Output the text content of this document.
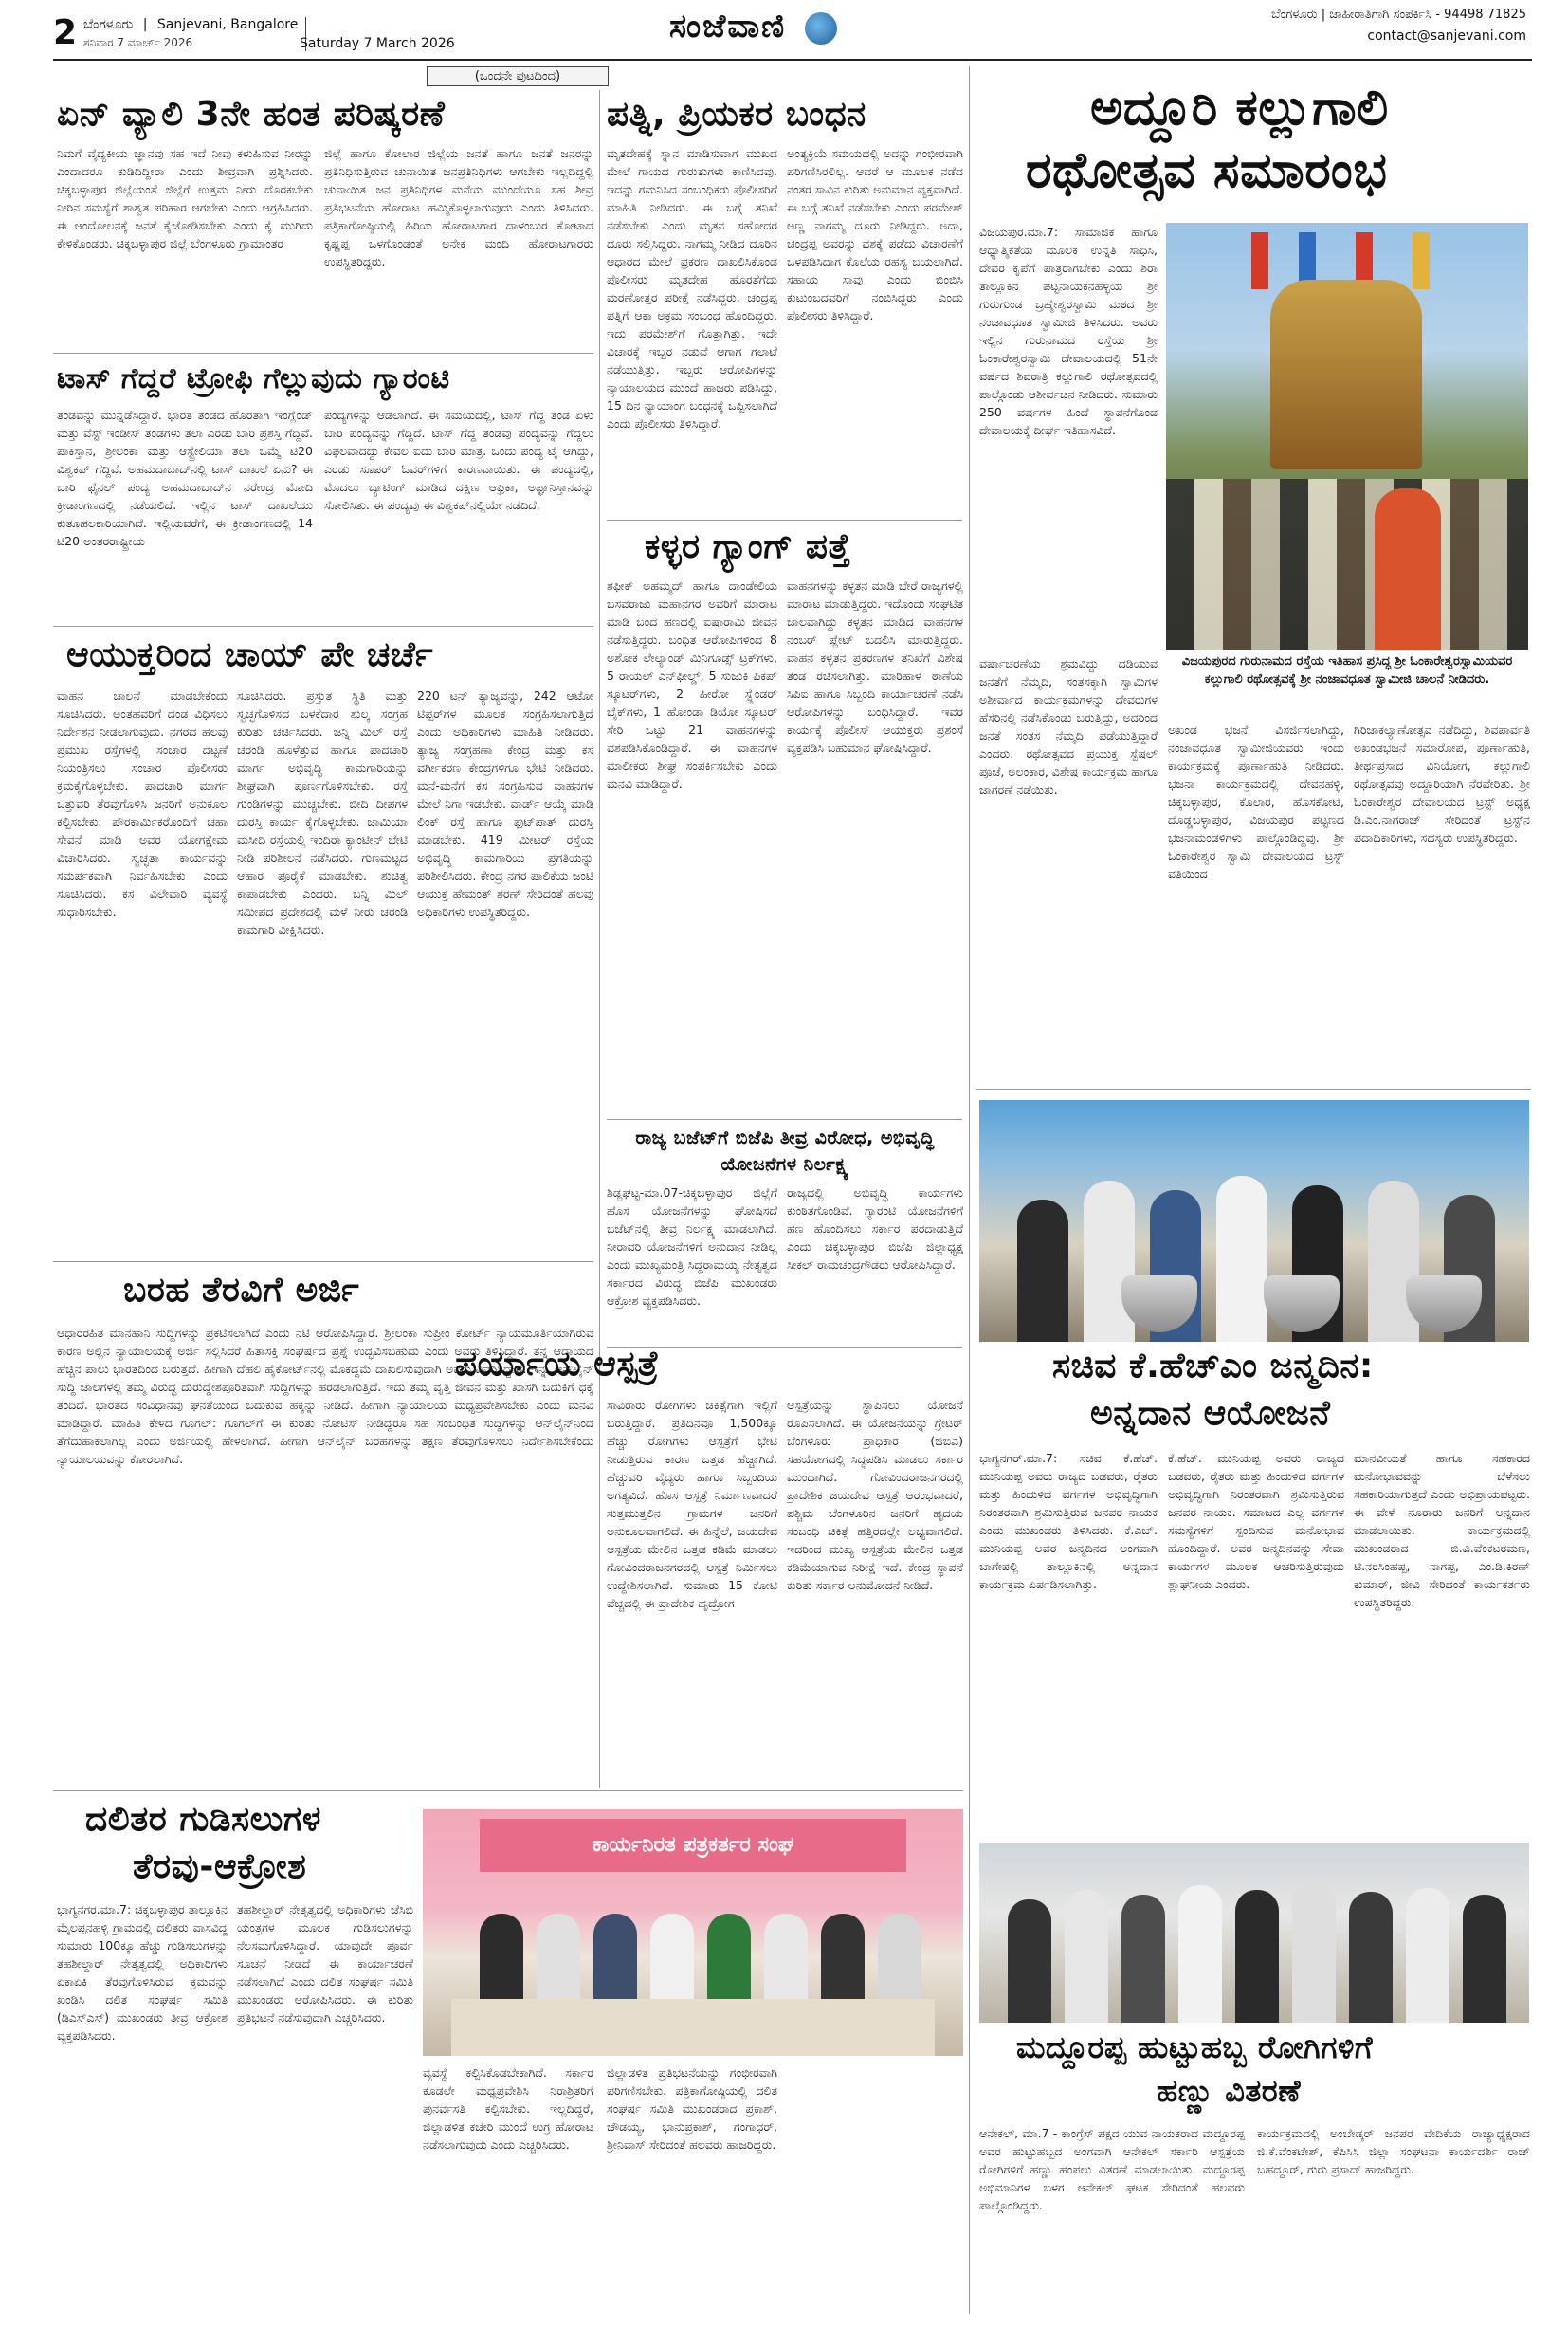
2 ಬೆಂಗಳೂರು | Sanjevani, Bangalore
ಶನಿವಾರ 7 ಮಾರ್ಚ್ 2026	Saturday 7 March 2026	ಸಂಜೆವಾಣಿ	ಬೆಂಗಳೂರು | ಜಾಹೀರಾತಿಗಾಗಿ ಸಂಪರ್ಕಿಸಿ - 94498 71825
contact@sanjevani.com
(ಒಂದನೇ ಪುಟದಿಂದ)
ಏನ್ ವ್ಯಾಲಿ 3ನೇ ಹಂತ ಪರಿಷ್ಕರಣೆ
ನಿಮಗೆ ವೈದ್ಯಕೀಯ ಜ್ಞಾನವು ಸಹ ಇದೆ ನೀವು ಕಳುಹಿಸುವ ನೀರನ್ನು ಎಂದಾದರೂ ಕುಡಿದಿದ್ದೀರಾ ಎಂದು ಶೀವ್ರವಾಗಿ ಪ್ರಶ್ನಿಸಿದರು. ಚಿಕ್ಕಬಳ್ಳಾಪುರ ಜಿಲ್ಲೆಯಂತೆ ಜಿಲ್ಲೆಗೆ ಉತ್ತಮ ನೀರು ದೊರಕಬೇಕು ನೀರಿನ ಸಮಸ್ಯೆಗೆ ಶಾಶ್ವತ ಪರಿಹಾರ ಆಗಬೇಕು ಎಂದು ಆಗ್ರಹಿಸಿದರು. ಈ ಆಂದೋಲನಕ್ಕೆ ಜನತೆ ಕೈಜೋಡಿಸಬೇಕು ಎಂದು ಕೈ ಮುಗಿದು ಕೇಳಿಕೊಂಡರು. ಚಿಕ್ಕಬಳ್ಳಾಪುರ ಜಿಲ್ಲೆ ಬೆಂಗಳೂರು ಗ್ರಾಮಾಂತರ
ಜಿಲ್ಲೆ ಹಾಗೂ ಕೋಲಾರ ಜಿಲ್ಲೆಯ ಜನತೆ ಹಾಗೂ ಜನತೆ ಜನರನ್ನು ಪ್ರತಿನಿಧಿಸುತ್ತಿರುವ ಚುನಾಯಿತ ಜನಪ್ರತಿನಿಧಿಗಳು ಆಗಬೇಕು ಇಲ್ಲದಿದ್ದಲ್ಲಿ ಚುನಾಯಿತ ಜನ ಪ್ರತಿನಿಧಿಗಳ ಮನೆಯ ಮುಂದೆಯೂ ಸಹ ಶೀವ್ರ ಪ್ರತಿಭಟನೆಯ ಹೋರಾಟ ಹಮ್ಮಿಕೊಳ್ಳಲಾಗುವುದು ಎಂದು ತಿಳಿಸಿದರು. ಪತ್ರಿಕಾಗೋಷ್ಠಿಯಲ್ಲಿ ಹಿರಿಯ ಹೋರಾಟಗಾರ ದಾಳಂಬುರ ಕೋಟಾದ ಕೃಷ್ಣಪ್ಪ ಒಳಗೊಂಡಂತೆ ಅನೇಕ ಮಂದಿ ಹೋರಾಟಗಾರರು ಉಪಸ್ಥಿತರಿದ್ದರು.
ಟಾಸ್ ಗೆದ್ದರೆ ಟ್ರೋಫಿ ಗೆಲ್ಲುವುದು ಗ್ಯಾರಂಟಿ
ತಂಡವನ್ನು ಮುನ್ನಡೆಸಿದ್ದಾರೆ. ಭಾರತ ತಂಡದ ಹೊರತಾಗಿ ಇಂಗ್ಲೆಂಡ್ ಮತ್ತು ವೆಸ್ಟ್ ಇಂಡೀಸ್ ತಂಡಗಳು ತಲಾ ಎರಡು ಬಾರಿ ಪ್ರಶಸ್ತಿ ಗೆದ್ದಿವೆ. ಪಾಕಿಸ್ತಾನ, ಶ್ರೀಲಂಕಾ ಮತ್ತು ಆಸ್ಟ್ರೇಲಿಯಾ ತಲಾ ಒಮ್ಮೆ ಟಿ20 ವಿಶ್ವಕಪ್ ಗೆದ್ದಿವೆ. ಅಹಮದಾಬಾದ್‌ನಲ್ಲಿ ಟಾಸ್ ದಾಖಲೆ ಏನು? ಈ ಬಾರಿ ಫೈನಲ್ ಪಂದ್ಯ ಅಹಮದಾಬಾದ್‌ನ ನರೇಂದ್ರ ಮೋದಿ ಕ್ರೀಡಾಂಗಣದಲ್ಲಿ ನಡೆಯಲಿದೆ. ಇಲ್ಲಿನ ಟಾಸ್ ದಾಖಲೆಯು ಕುತೂಹಲಕಾರಿಯಾಗಿದೆ. ಇಲ್ಲಿಯವರೆಗೆ, ಈ ಕ್ರೀಡಾಂಗಣದಲ್ಲಿ 14 ಟಿ20 ಅಂತರರಾಷ್ಟ್ರೀಯ
ಪಂದ್ಯಗಳನ್ನು ಆಡಲಾಗಿದೆ. ಈ ಸಮಯದಲ್ಲಿ, ಟಾಸ್ ಗೆದ್ದ ತಂಡ ಏಳು ಬಾರಿ ಪಂದ್ಯವನ್ನು ಗೆದ್ದಿದೆ. ಟಾಸ್ ಗೆದ್ದ ತಂಡವು ಪಂದ್ಯವನ್ನು ಗೆದ್ದಲು ವಿಫಲವಾದದ್ದು ಕೇವಲ ಐದು ಬಾರಿ ಮಾತ್ರ. ಒಂದು ಪಂದ್ಯ ಟೈ ಆಗಿದ್ದು, ಎರಡು ಸೂಪರ್ ಓವರ್‌ಗಳಿಗೆ ಕಾರಣವಾಯಿತು. ಈ ಪಂದ್ಯದಲ್ಲಿ, ಮೊದಲು ಬ್ಯಾಟಿಂಗ್ ಮಾಡಿದ ದಕ್ಷಿಣ ಆಫ್ರಿಕಾ, ಅಫ್ಘಾನಿಸ್ತಾನವನ್ನು ಸೋಲಿಸಿತು. ಈ ಪಂದ್ಯವು ಈ ವಿಶ್ವಕಪ್‌ನಲ್ಲಿಯೇ ನಡೆದಿದೆ.
ಆಯುಕ್ತರಿಂದ ಚಾಯ್ ಪೇ ಚರ್ಚೆ
ವಾಹನ ಚಾಲನೆ ಮಾಡಬೇಕೆಂದು ಸೂಚಿಸಿದರು. ಅಂತಹವರಿಗೆ ದಂಡ ವಿಧಿಸಲು ನಿರ್ದೇಶನ ನೀಡಲಾಗುವುದು. ನಗರದ ಹಲವು ಪ್ರಮುಖ ರಸ್ತೆಗಳಲ್ಲಿ ಸಂಚಾರ ದಟ್ಟಣೆ ನಿಯಂತ್ರಿಸಲು ಸಂಚಾರ ಪೊಲೀಸರು ಕ್ರಮಕೈಗೊಳ್ಳಬೇಕು. ಪಾದಚಾರಿ ಮಾರ್ಗ ಒತ್ತುವರಿ ತೆರವುಗೊಳಿಸಿ ಜನರಿಗೆ ಅನುಕೂಲ ಕಲ್ಪಿಸಬೇಕು. ಪೌರಕಾರ್ಮಿಕರೊಂದಿಗೆ ಚಹಾ ಸೇವನೆ ಮಾಡಿ ಅವರ ಯೋಗಕ್ಷೇಮ ವಿಚಾರಿಸಿದರು. ಸ್ವಚ್ಛತಾ ಕಾರ್ಯವನ್ನು ಸಮರ್ಪಕವಾಗಿ ನಿರ್ವಹಿಸಬೇಕು ಎಂದು ಸೂಚಿಸಿದರು. ಕಸ ವಿಲೇವಾರಿ ವ್ಯವಸ್ಥೆ ಸುಧಾರಿಸಬೇಕು.
ಸೂಚಿಸಿದರು. ಪ್ರಸ್ತುತ ಸ್ಥಿತಿ ಮತ್ತು ಸ್ವಚ್ಛಗೊಳಿಸದ ಬಳಕೆದಾರ ಶುಲ್ಕ ಸಂಗ್ರಹ ಕುರಿತು ಚರ್ಚಿಸಿದರು. ಜನ್ನಿ ಮಿಲ್ ರಸ್ತೆ ಚರಂಡಿ ಹೂಳೆತ್ತುವ ಹಾಗೂ ಪಾದಚಾರಿ ಮಾರ್ಗ ಅಭಿವೃದ್ಧಿ ಕಾಮಗಾರಿಯನ್ನು ಶೀಘ್ರವಾಗಿ ಪೂರ್ಣಗೊಳಿಸಬೇಕು. ರಸ್ತೆ ಗುಂಡಿಗಳನ್ನು ಮುಚ್ಚಬೇಕು. ಬೀದಿ ದೀಪಗಳ ದುರಸ್ತಿ ಕಾರ್ಯ ಕೈಗೊಳ್ಳಬೇಕು. ಜಾಮಿಯಾ ಮಸೀದಿ ರಸ್ತೆಯಲ್ಲಿ ಇಂದಿರಾ ಕ್ಯಾಂಟೀನ್ ಭೇಟಿ ನೀಡಿ ಪರಿಶೀಲನೆ ನಡೆಸಿದರು. ಗುಣಮಟ್ಟದ ಆಹಾರ ಪೂರೈಕೆ ಮಾಡಬೇಕು. ಶುಚಿತ್ವ ಕಾಪಾಡಬೇಕು ಎಂದರು. ಬನ್ನಿ ಮಿಲ್ ಸಮೀಪದ ಪ್ರದೇಶದಲ್ಲಿ ಮಳೆ ನೀರು ಚರಂಡಿ ಕಾಮಗಾರಿ ವೀಕ್ಷಿಸಿದರು.
220 ಟನ್ ತ್ಯಾಜ್ಯವನ್ನು, 242 ಆಟೋ ಟಿಪ್ಪರ್‌ಗಳ ಮೂಲಕ ಸಂಗ್ರಹಿಸಲಾಗುತ್ತಿದೆ ಎಂದು ಅಧಿಕಾರಿಗಳು ಮಾಹಿತಿ ನೀಡಿದರು. ತ್ಯಾಜ್ಯ ಸಂಗ್ರಹಣಾ ಕೇಂದ್ರ ಮತ್ತು ಕಸ ವರ್ಗೀಕರಣ ಕೇಂದ್ರಗಳಿಗೂ ಭೇಟಿ ನೀಡಿದರು. ಮನೆ-ಮನೆಗೆ ಕಸ ಸಂಗ್ರಹಿಸುವ ವಾಹನಗಳ ಮೇಲೆ ನಿಗಾ ಇಡಬೇಕು. ವಾರ್ಡ್ ಆಯ್ಕೆ ಮಾಡಿ ಲಿಂಕ್ ರಸ್ತೆ ಹಾಗೂ ಫುಟ್‌ಪಾತ್ ದುರಸ್ತಿ ಮಾಡಬೇಕು. 419 ಮೀಟರ್ ರಸ್ತೆಯ ಅಭಿವೃದ್ಧಿ ಕಾಮಗಾರಿಯ ಪ್ರಗತಿಯನ್ನು ಪರಿಶೀಲಿಸಿದರು. ಕೇಂದ್ರ ನಗರ ಪಾಲಿಕೆಯ ಜಂಟಿ ಆಯುಕ್ತ ಹೇಮಂತ್ ಶರಣ್ ಸೇರಿದಂತೆ ಹಲವು ಅಧಿಕಾರಿಗಳು ಉಪಸ್ಥಿತರಿದ್ದರು.
ಬರಹ ತೆರವಿಗೆ ಅರ್ಜಿ
ಆಧಾರರಹಿತ ಮಾನಹಾನಿ ಸುದ್ದಿಗಳನ್ನು ಪ್ರಕಟಿಸಲಾಗಿದೆ ಎಂದು ನಟಿ ಆರೋಪಿಸಿದ್ದಾರೆ. ಶ್ರೀಲಂಕಾ ಸುಪ್ರೀಂ ಕೋರ್ಟ್ ನ್ಯಾಯಮೂರ್ತಿಯಾಗಿರುವ ಕಾರಣ ಅಲ್ಲಿನ ನ್ಯಾಯಾಲಯಕ್ಕೆ ಅರ್ಜಿ ಸಲ್ಲಿಸಿದರೆ ಹಿತಾಸಕ್ತಿ ಸಂಘರ್ಷದ ಪ್ರಶ್ನೆ ಉದ್ಭವಿಸಬಹುದು ಎಂದು ಅವರು ತಿಳಿಸಿದ್ದಾರೆ. ತನ್ನ ಆದಾಯದ ಹೆಚ್ಚಿನ ಪಾಲು ಭಾರತದಿಂದ ಬರುತ್ತದೆ. ಹೀಗಾಗಿ ದೆಹಲಿ ಹೈಕೋರ್ಟ್‌ನಲ್ಲಿ ಮೊಕದ್ದಮೆ ದಾಖಲಿಸುವುದಾಗಿ ಅವರು ವಿವರಿಸಿದ್ದಾರೆ. ಇನ್ನು ಆನ್‌ಲೈನ್ ಸುದ್ದಿ ಜಾಲಗಳಲ್ಲಿ ತಮ್ಮ ವಿರುದ್ಧ ದುರುದ್ದೇಶಪೂರಿತವಾಗಿ ಸುದ್ದಿಗಳನ್ನು ಹರಡಲಾಗುತ್ತಿದೆ. ಇದು ತಮ್ಮ ವೃತ್ತಿ ಜೀವನ ಮತ್ತು ಖಾಸಗಿ ಬದುಕಿಗೆ ಧಕ್ಕೆ ತಂದಿದೆ. ಭಾರತದ ಸಂವಿಧಾನವು ಘನತೆಯಿಂದ ಬದುಕುವ ಹಕ್ಕನ್ನು ನೀಡಿದೆ. ಹೀಗಾಗಿ ನ್ಯಾಯಾಲಯ ಮಧ್ಯಪ್ರವೇಶಿಸಬೇಕು ಎಂದು ಮನವಿ ಮಾಡಿದ್ದಾರೆ. ಮಾಹಿತಿ ಕೇಳಿದ ಗೂಗಲ್: ಗೂಗಲ್‌ಗೆ ಈ ಕುರಿತು ನೋಟಿಸ್ ನೀಡಿದ್ದರೂ ಸಹ ಸಂಬಂಧಿತ ಸುದ್ದಿಗಳನ್ನು ಆನ್‌ಲೈನ್‌ನಿಂದ ತೆಗೆದುಹಾಕಲಾಗಿಲ್ಲ ಎಂದು ಅರ್ಜಿಯಲ್ಲಿ ಹೇಳಲಾಗಿದೆ. ಹೀಗಾಗಿ ಆನ್‌ಲೈನ್ ಬರಹಗಳನ್ನು ತಕ್ಷಣ ತೆರವುಗೊಳಿಸಲು ನಿರ್ದೇಶಿಸಬೇಕೆಂದು ನ್ಯಾಯಾಲಯವನ್ನು ಕೋರಲಾಗಿದೆ.
ಪತ್ನಿ, ಪ್ರಿಯಕರ ಬಂಧನ
ಮೃತದೇಹಕ್ಕೆ ಸ್ನಾನ ಮಾಡಿಸುವಾಗ ಮುಖದ ಮೇಲೆ ಗಾಯದ ಗುರುತುಗಳು ಕಾಣಿಸಿದವು. ಇದನ್ನು ಗಮನಿಸಿದ ಸಂಬಂಧಿಕರು ಪೊಲೀಸರಿಗೆ ಮಾಹಿತಿ ನೀಡಿದರು. ಈ ಬಗ್ಗೆ ತನಿಖೆ ನಡೆಸಬೇಕು ಎಂದು ಮೃತನ ಸಹೋದರ ದೂರು ಸಲ್ಲಿಸಿದ್ದರು. ನಾಗಮ್ಮ ನೀಡಿದ ದೂರಿನ ಆಧಾರದ ಮೇಲೆ ಪ್ರಕರಣ ದಾಖಲಿಸಿಕೊಂಡ ಪೊಲೀಸರು ಮೃತದೇಹ ಹೊರತೆಗೆದು ಮರಣೋತ್ತರ ಪರೀಕ್ಷೆ ನಡೆಸಿದ್ದರು. ಚಂದ್ರಪ್ಪ ಪತ್ನಿಗೆ ಆಕಾ ಅಕ್ರಮ ಸಂಬಂಧ ಹೊಂದಿದ್ದರು. ಇದು ಪರಮೇಶ್‌ಗೆ ಗೊತ್ತಾಗಿತ್ತು. ಇದೇ ವಿಚಾರಕ್ಕೆ ಇಬ್ಬರ ನಡುವೆ ಆಗಾಗ ಗಲಾಟೆ ನಡೆಯುತ್ತಿತ್ತು. ಇಬ್ಬರು ಆರೋಪಿಗಳನ್ನು ನ್ಯಾಯಾಲಯದ ಮುಂದೆ ಹಾಜರು ಪಡಿಸಿದ್ದು, 15 ದಿನ ನ್ಯಾಯಾಂಗ ಬಂಧನಕ್ಕೆ ಒಪ್ಪಿಸಲಾಗಿದೆ ಎಂದು ಪೊಲೀಸರು ತಿಳಿಸಿದ್ದಾರೆ.
ಅಂತ್ಯಕ್ರಿಯೆ ಸಮಯದಲ್ಲಿ ಅದನ್ನು ಗಂಭೀರವಾಗಿ ಪರಿಗಣಿಸಿರಲಿಲ್ಲ. ಆದರೆ ಆ ಮೂಲಕ ನಡೆದ ನಂತರ ಸಾವಿನ ಕುರಿತು ಅನುಮಾನ ವ್ಯಕ್ತವಾಗಿದೆ. ಈ ಬಗ್ಗೆ ತನಿಖೆ ನಡೆಸಬೇಕು ಎಂದು ಪರಮೇಶ್ ಅಣ್ಣ ನಾಗಮ್ಮ ದೂರು ನೀಡಿದ್ದರು. ಅದಾ, ಚಂದ್ರಪ್ಪ ಅವರನ್ನು ವಶಕ್ಕೆ ಪಡೆದು ವಿಚಾರಣೆಗೆ ಒಳಪಡಿಸಿದಾಗ ಕೊಲೆಯ ರಹಸ್ಯ ಬಯಲಾಗಿದೆ. ಸಹಾಯ ಸಾವು ಎಂದು ಬಿಂಬಿಸಿ ಕುಟುಂಬದವರಿಗೆ ನಂಬಿಸಿದ್ದರು ಎಂದು ಪೊಲೀಸರು ತಿಳಿಸಿದ್ದಾರೆ.
ಕಳ್ಳರ ಗ್ಯಾಂಗ್ ಪತ್ತೆ
ಶಫೀಕ್ ಅಹಮ್ಮದ್ ಹಾಗೂ ದಾಂಡೇಲಿಯ ಬಸವರಾಜು ಮಹಾನಗರ ಅವರಿಗೆ ಮಾರಾಟ ಮಾಡಿ ಬಂದ ಹಣದಲ್ಲಿ ಐಷಾರಾಮಿ ಜೀವನ ನಡೆಸುತ್ತಿದ್ದರು. ಬಂಧಿತ ಆರೋಪಿಗಳಿಂದ 8 ಅಶೋಕ ಲೇಲ್ಯಾಂಡ್ ಮಿನಿಗೂಡ್ಸ್ ಟ್ರಕ್‌ಗಳು, 5 ರಾಯಲ್ ಎನ್‌ಫೀಲ್ಡ್, 5 ಸುಜುಕಿ ಪಿಕಪ್ ಸ್ಕೂಟರ್‌ಗಳು, 2 ಹೀರೋ ಸ್ಪ್ಲೆಂಡರ್ ಬೈಕ್‌ಗಳು, 1 ಹೋಂಡಾ ಡಿಯೋ ಸ್ಕೂಟರ್ ಸೇರಿ ಒಟ್ಟು 21 ವಾಹನಗಳನ್ನು ವಶಪಡಿಸಿಕೊಂಡಿದ್ದಾರೆ. ಈ ವಾಹನಗಳ ಮಾಲೀಕರು ಶೀಘ್ರ ಸಂಪರ್ಕಿಸಬೇಕು ಎಂದು ಮನವಿ ಮಾಡಿದ್ದಾರೆ.
ವಾಹನಗಳನ್ನು ಕಳ್ಳತನ ಮಾಡಿ ಬೇರೆ ರಾಜ್ಯಗಳಲ್ಲಿ ಮಾರಾಟ ಮಾಡುತ್ತಿದ್ದರು. ಇದೊಂದು ಸಂಘಟಿತ ಜಾಲವಾಗಿದ್ದು ಕಳ್ಳತನ ಮಾಡಿದ ವಾಹನಗಳ ನಂಬರ್ ಪ್ಲೇಟ್ ಬದಲಿಸಿ ಮಾರುತ್ತಿದ್ದರು. ವಾಹನ ಕಳ್ಳತನ ಪ್ರಕರಣಗಳ ತನಿಖೆಗೆ ವಿಶೇಷ ತಂಡ ರಚಿಸಲಾಗಿತ್ತು. ಮಾರಿಹಾಳ ಠಾಣೆಯ ಸಿಪಿಐ ಹಾಗೂ ಸಿಬ್ಬಂದಿ ಕಾರ್ಯಾಚರಣೆ ನಡೆಸಿ ಆರೋಪಿಗಳನ್ನು ಬಂಧಿಸಿದ್ದಾರೆ. ಇವರ ಕಾರ್ಯಕ್ಕೆ ಪೊಲೀಸ್ ಆಯುಕ್ತರು ಪ್ರಶಂಸೆ ವ್ಯಕ್ತಪಡಿಸಿ ಬಹುಮಾನ ಘೋಷಿಸಿದ್ದಾರೆ.
ರಾಜ್ಯ ಬಜೆಟ್‌ಗೆ ಬಿಜೆಪಿ ತೀವ್ರ ವಿರೋಧ, ಅಭಿವೃದ್ಧಿ ಯೋಜನೆಗಳ ನಿರ್ಲಕ್ಷ್ಯ
ಶಿಡ್ಲಘಟ್ಟ-ಮಾ.07-ಚಿಕ್ಕಬಳ್ಳಾಪುರ ಜಿಲ್ಲೆಗೆ ಹೊಸ ಯೋಜನೆಗಳನ್ನು ಘೋಷಿಸದೆ ಬಜೆಟ್‌ನಲ್ಲಿ ತೀವ್ರ ನಿರ್ಲಕ್ಷ್ಯ ಮಾಡಲಾಗಿದೆ. ನೀರಾವರಿ ಯೋಜನೆಗಳಿಗೆ ಅನುದಾನ ನೀಡಿಲ್ಲ ಎಂದು ಮುಖ್ಯಮಂತ್ರಿ ಸಿದ್ದರಾಮಯ್ಯ ನೇತೃತ್ವದ ಸರ್ಕಾರದ ವಿರುದ್ಧ ಬಿಜೆಪಿ ಮುಖಂಡರು ಆಕ್ರೋಶ ವ್ಯಕ್ತಪಡಿಸಿದರು.
ರಾಜ್ಯದಲ್ಲಿ ಅಭಿವೃದ್ಧಿ ಕಾರ್ಯಗಳು ಕುಂಠಿತಗೊಂಡಿವೆ. ಗ್ಯಾರಂಟಿ ಯೋಜನೆಗಳಿಗೆ ಹಣ ಹೊಂದಿಸಲು ಸರ್ಕಾರ ಪರದಾಡುತ್ತಿದೆ ಎಂದು ಚಿಕ್ಕಬಳ್ಳಾಪುರ ಬಿಜೆಪಿ ಜಿಲ್ಲಾಧ್ಯಕ್ಷ ಸೀಕಲ್ ರಾಮಚಂದ್ರಗೌಡರು ಆರೋಪಿಸಿದ್ದಾರೆ.
ಪರ್ಯಾಯ ಆಸ್ಪತ್ರೆ
ಸಾವಿರಾರು ರೋಗಿಗಳು ಚಿಕಿತ್ಸೆಗಾಗಿ ಇಲ್ಲಿಗೆ ಬರುತ್ತಿದ್ದಾರೆ. ಪ್ರತಿದಿನವೂ 1,500ಕ್ಕೂ ಹೆಚ್ಚು ರೋಗಿಗಳು ಆಸ್ಪತ್ರೆಗೆ ಭೇಟಿ ನೀಡುತ್ತಿರುವ ಕಾರಣ ಒತ್ತಡ ಹೆಚ್ಚಾಗಿದೆ. ಹೆಚ್ಚುವರಿ ವೈದ್ಯರು ಹಾಗೂ ಸಿಬ್ಬಂದಿಯ ಅಗತ್ಯವಿದೆ. ಹೊಸ ಆಸ್ಪತ್ರೆ ನಿರ್ಮಾಣವಾದರೆ ಸುತ್ತಮುತ್ತಲಿನ ಗ್ರಾಮಗಳ ಜನರಿಗೆ ಅನುಕೂಲವಾಗಲಿದೆ. ಈ ಹಿನ್ನೆಲೆ, ಜಯದೇವ ಆಸ್ಪತ್ರೆಯ ಮೇಲಿನ ಒತ್ತಡ ಕಡಿಮೆ ಮಾಡಲು ಗೋವಿಂದರಾಜನಗರದಲ್ಲಿ ಆಸ್ಪತ್ರೆ ನಿರ್ಮಿಸಲು ಉದ್ದೇಶಿಸಲಾಗಿದೆ. ಸುಮಾರು 15 ಕೋಟಿ ವೆಚ್ಚದಲ್ಲಿ ಈ ಪ್ರಾದೇಶಿಕ ಹೃದ್ರೋಗ
ಆಸ್ಪತ್ರೆಯನ್ನು ಸ್ಥಾಪಿಸಲು ಯೋಜನೆ ರೂಪಿಸಲಾಗಿದೆ. ಈ ಯೋಜನೆಯನ್ನು ಗ್ರೇಟರ್ ಬೆಂಗಳೂರು ಪ್ರಾಧಿಕಾರ (ಜಿಬಿಎ) ಸಹಯೋಗದಲ್ಲಿ ಸಿದ್ಧಪಡಿಸಿ ಮಾಡಲು ಸರ್ಕಾರ ಮುಂದಾಗಿದೆ. ಗೋವಿಂದರಾಜನಗರದಲ್ಲಿ ಪ್ರಾದೇಶಿಕ ಜಯದೇವ ಆಸ್ಪತ್ರೆ ಆರಂಭವಾದರೆ, ಪಶ್ಚಿಮ ಬೆಂಗಳೂರಿನ ಜನರಿಗೆ ಹೃದಯ ಸಂಬಂಧಿ ಚಿಕಿತ್ಸೆ ಹತ್ತಿರದಲ್ಲೇ ಲಭ್ಯವಾಗಲಿದೆ. ಇದರಿಂದ ಮುಖ್ಯ ಆಸ್ಪತ್ರೆಯ ಮೇಲಿನ ಒತ್ತಡ ಕಡಿಮೆಯಾಗುವ ನಿರೀಕ್ಷೆ ಇದೆ. ಕೇಂದ್ರ ಸ್ಥಾಪನೆ ಕುರಿತು ಸರ್ಕಾರ ಅನುಮೋದನೆ ನೀಡಿದೆ.
ಅದ್ದೂರಿ ಕಲ್ಲುಗಾಲಿ
ರಥೋತ್ಸವ ಸಮಾರಂಭ
ವಿಜಯಪುರ.ಮಾ.7: ಸಾಮಾಜಿಕ ಹಾಗೂ ಆಧ್ಯಾತ್ಮಿಕತೆಯ ಮೂಲಕ ಉನ್ನತಿ ಸಾಧಿಸಿ, ದೇವರ ಕೃಪೆಗೆ ಪಾತ್ರರಾಗಬೇಕು ಎಂದು ಶಿರಾ ತಾಲ್ಲೂಕಿನ ಪಟ್ಟನಾಯಕನಹಳ್ಳಿಯ ಶ್ರೀ ಗುರುಗುಂಡ ಬ್ರಹ್ಮೇಶ್ವರಸ್ವಾಮಿ ಮಠದ ಶ್ರೀ ನಂಜಾವಧೂತ ಸ್ವಾಮೀಜಿ ತಿಳಿಸಿದರು. ಅವರು ಇಲ್ಲಿನ ಗುರುನಾಮದ ರಸ್ತೆಯ ಶ್ರೀ ಓಂಕಾರೇಶ್ವರಸ್ವಾಮಿ ದೇವಾಲಯದಲ್ಲಿ 51ನೇ ವರ್ಷದ ಶಿವರಾತ್ರಿ ಕಲ್ಲುಗಾಲಿ ರಥೋತ್ಸವದಲ್ಲಿ ಪಾಲ್ಗೊಂಡು ಆಶೀರ್ವಚನ ನೀಡಿದರು. ಸುಮಾರು 250 ವರ್ಷಗಳ ಹಿಂದೆ ಸ್ಥಾಪನೆಗೊಂಡ ದೇವಾಲಯಕ್ಕೆ ದೀರ್ಘ ಇತಿಹಾಸವಿದೆ.
ವಿಜಯಪುರದ ಗುರುನಾಮದ ರಸ್ತೆಯ ಇತಿಹಾಸ ಪ್ರಸಿದ್ಧ ಶ್ರೀ ಓಂಕಾರೇಶ್ವರಸ್ವಾಮಿಯವರ ಕಲ್ಲುಗಾಲಿ ರಥೋತ್ಸವಕ್ಕೆ ಶ್ರೀ ನಂಜಾವಧೂತ ಸ್ವಾಮೀಜಿ ಚಾಲನೆ ನೀಡಿದರು.
ವರ್ಷಾಚರಣೆಯ ಶ್ರಮವಿದ್ದು ದಡಿಯುವ ಜನತೆಗೆ ನೆಮ್ಮದಿ, ಸಂತಸಕ್ಕಾಗಿ ಸ್ವಾಮಿಗಳ ಅಶೀರ್ವಾದ ಕಾರ್ಯಕ್ರಮಗಳನ್ನು ದೇವರುಗಳ ಹೆಸರಿನಲ್ಲಿ ನಡೆಸಿಕೊಂಡು ಬರುತ್ತಿದ್ದು, ಅದರಿಂದ ಜನತೆ ಸಂತಸ ನೆಮ್ಮದಿ ಪಡೆಯುತ್ತಿದ್ದಾರೆ ಎಂದರು. ರಥೋತ್ಸವದ ಪ್ರಯುಕ್ತ ಸ್ಪೆಷಲ್ ಪೂಜೆ, ಅಲಂಕಾರ, ವಿಶೇಷ ಕಾರ್ಯಕ್ರಮ ಹಾಗೂ ಜಾಗರಣೆ ನಡೆಯಿತು.
ಅಖಂಡ ಭಜನೆ ವಿಸರ್ಜಿಸಲಾಗಿದ್ದು, ನಂಜಾವಧೂತ ಸ್ವಾಮೀಜಿಯವರು ಇಂದು ಕಾರ್ಯಕ್ರಮಕ್ಕೆ ಪೂರ್ಣಾಹುತಿ ನೀಡಿದರು. ಭಜನಾ ಕಾರ್ಯಕ್ರಮದಲ್ಲಿ ದೇವನಹಳ್ಳಿ, ಚಿಕ್ಕಬಳ್ಳಾಪುರ, ಕೊಲಾರ, ಹೊಸಕೋಟೆ, ದೊಡ್ಡಬಳ್ಳಾಪುರ, ವಿಜಯಪುರ ಪಟ್ಟಣದ ಭಜನಾಮಂಡಳಿಗಳು ಪಾಲ್ಗೊಂಡಿದ್ದವು. ಶ್ರೀ ಓಂಕಾರೇಶ್ವರ ಸ್ವಾಮಿ ದೇವಾಲಯದ ಟ್ರಸ್ಟ್ ವತಿಯಿಂದ
ಗಿರಿಜಾಕಲ್ಯಾಣೋತ್ಸವ ನಡೆದಿದ್ದು, ಶಿವಪಾರ್ವತಿ ಅಖಂಡಭಜನೆ ಸಮಾರೋಪ, ಪೂರ್ಣಾಹುತಿ, ತೀರ್ಥಪ್ರಸಾದ ವಿನಿಯೋಗ, ಕಲ್ಲುಗಾಲಿ ರಥೋತ್ಸವವು ಅದ್ದೂರಿಯಾಗಿ ನೆರವೇರಿತು. ಶ್ರೀ ಓಂಕಾರೇಶ್ವರ ದೇವಾಲಯದ ಟ್ರಸ್ಟ್ ಅಧ್ಯಕ್ಷ ಡಿ.ಎಂ.ನಾಗರಾಜ್ ಸೇರಿದಂತೆ ಟ್ರಸ್ಟ್‌ನ ಪದಾಧಿಕಾರಿಗಳು, ಸದಸ್ಯರು ಉಪಸ್ಥಿತರಿದ್ದರು.
ಸಚಿವ ಕೆ.ಹೆಚ್‌ಎಂ ಜನ್ಮದಿನ:
ಅನ್ನದಾನ ಆಯೋಜನೆ
ಭಾಗ್ಯನಗರ್.ಮಾ.7: ಸಚಿವ ಕೆ.ಹೆಚ್. ಮುನಿಯಪ್ಪ ಅವರು ರಾಜ್ಯದ ಬಡವರು, ರೈತರು ಮತ್ತು ಹಿಂದುಳಿದ ವರ್ಗಗಳ ಅಭಿವೃದ್ಧಿಗಾಗಿ ನಿರಂತರವಾಗಿ ಶ್ರಮಿಸುತ್ತಿರುವ ಜನಪರ ನಾಯಕ ಎಂದು ಮುಖಂಡರು ತಿಳಿಸಿದರು. ಕೆ.ಎಚ್. ಮುನಿಯಪ್ಪ ಅವರ ಜನ್ಮದಿನದ ಅಂಗವಾಗಿ ಬಾಗೇಪಲ್ಲಿ ತಾಲ್ಲೂಕಿನಲ್ಲಿ ಅನ್ನದಾನ ಕಾರ್ಯಕ್ರಮ ಏರ್ಪಡಿಸಲಾಗಿತ್ತು.
ಕೆ.ಹೆಚ್. ಮುನಿಯಪ್ಪ ಅವರು ರಾಜ್ಯದ ಬಡವರು, ರೈತರು ಮತ್ತು ಹಿಂದುಳಿದ ವರ್ಗಗಳ ಅಭಿವೃದ್ಧಿಗಾಗಿ ನಿರಂತರವಾಗಿ ಶ್ರಮಿಸುತ್ತಿರುವ ಜನಪರ ನಾಯಕ. ಸಮಾಜದ ಎಲ್ಲ ವರ್ಗಗಳ ಸಮಸ್ಯೆಗಳಿಗೆ ಸ್ಪಂದಿಸುವ ಮನೋಭಾವ ಹೊಂದಿದ್ದಾರೆ. ಅವರ ಜನ್ಮದಿನವನ್ನು ಸೇವಾ ಕಾರ್ಯಗಳ ಮೂಲಕ ಆಚರಿಸುತ್ತಿರುವುದು ಶ್ಲಾಘನೀಯ ಎಂದರು.
ಮಾನವೀಯತೆ ಹಾಗೂ ಸಹಕಾರದ ಮನೋಭಾವವನ್ನು ಬೆಳೆಸಲು ಸಹಕಾರಿಯಾಗುತ್ತದೆ ಎಂದು ಅಭಿಪ್ರಾಯಪಟ್ಟರು. ಈ ವೇಳೆ ನೂರಾರು ಜನರಿಗೆ ಅನ್ನದಾನ ಮಾಡಲಾಯಿತು. ಕಾರ್ಯಕ್ರಮದಲ್ಲಿ ಮುಖಂಡರಾದ ಬಿ.ವಿ.ವೆಂಕಟರಮಣ, ಟಿ.ನರಸಿಂಹಪ್ಪ, ನಾಗಪ್ಪ, ಎಂ.ಡಿ.ಕಿರಣ್ ಕುಮಾರ್, ಜೀವಿ ಸೇರಿದಂತೆ ಕಾರ್ಯಕರ್ತರು ಉಪಸ್ಥಿತರಿದ್ದರು.
ದಲಿತರ ಗುಡಿಸಲುಗಳ
ತೆರವು-ಆಕ್ರೋಶ
ಭಾಗ್ಯನಗರ.ಮಾ.7: ಚಿಕ್ಕಬಳ್ಳಾಪುರ ತಾಲ್ಲೂಕಿನ ಮೈಲಪ್ಪನಹಳ್ಳಿ ಗ್ರಾಮದಲ್ಲಿ ದಲಿತರು ವಾಸವಿದ್ದ ಸುಮಾರು 100ಕ್ಕೂ ಹೆಚ್ಚು ಗುಡಿಸಲುಗಳನ್ನು ತಹಶೀಲ್ದಾರ್ ನೇತೃತ್ವದಲ್ಲಿ ಅಧಿಕಾರಿಗಳು ಏಕಾಏಕಿ ತೆರವುಗೊಳಿಸಿರುವ ಕ್ರಮವನ್ನು ಖಂಡಿಸಿ ದಲಿತ ಸಂಘರ್ಷ ಸಮಿತಿ (ಡಿಎಸ್‌ಎಸ್) ಮುಖಂಡರು ತೀವ್ರ ಆಕ್ರೋಶ ವ್ಯಕ್ತಪಡಿಸಿದರು.
ತಹಶೀಲ್ದಾರ್ ನೇತೃತ್ವದಲ್ಲಿ ಅಧಿಕಾರಿಗಳು ಜೆಸಿಬಿ ಯಂತ್ರಗಳ ಮೂಲಕ ಗುಡಿಸಲುಗಳನ್ನು ನೆಲಸಮಗೊಳಿಸಿದ್ದಾರೆ. ಯಾವುದೇ ಪೂರ್ವ ಸೂಚನೆ ನೀಡದೆ ಈ ಕಾರ್ಯಾಚರಣೆ ನಡೆಸಲಾಗಿದೆ ಎಂದು ದಲಿತ ಸಂಘರ್ಷ ಸಮಿತಿ ಮುಖಂಡರು ಆರೋಪಿಸಿದರು. ಈ ಕುರಿತು ಪ್ರತಿಭಟನೆ ನಡೆಸುವುದಾಗಿ ಎಚ್ಚರಿಸಿದರು.
ಕಾರ್ಯನಿರತ ಪತ್ರಕರ್ತರ ಸಂಘ
ವ್ಯವಸ್ಥೆ ಕಲ್ಪಿಸಿಕೊಡಬೇಕಾಗಿದೆ. ಸರ್ಕಾರ ಕೂಡಲೇ ಮಧ್ಯಪ್ರವೇಶಿಸಿ ನಿರಾಶ್ರಿತರಿಗೆ ಪುನರ್ವಸತಿ ಕಲ್ಪಿಸಬೇಕು. ಇಲ್ಲದಿದ್ದರೆ, ಜಿಲ್ಲಾಡಳಿತ ಕಚೇರಿ ಮುಂದೆ ಉಗ್ರ ಹೋರಾಟ ನಡೆಸಲಾಗುವುದು ಎಂದು ಎಚ್ಚರಿಸಿದರು.
ಜಿಲ್ಲಾಡಳಿತ ಪ್ರತಿಭಟನೆಯನ್ನು ಗಂಭೀರವಾಗಿ ಪರಿಗಣಿಸಬೇಕು. ಪತ್ರಿಕಾಗೋಷ್ಠಿಯಲ್ಲಿ ದಲಿತ ಸಂಘರ್ಷ ಸಮಿತಿ ಮುಖಂಡರಾದ ಪ್ರಕಾಶ್, ಚೌಡಯ್ಯ, ಭಾನುಪ್ರಕಾಶ್, ಗಂಗಾಧರ್, ಶ್ರೀನಿವಾಸ್ ಸೇರಿದಂತೆ ಹಲವರು ಹಾಜರಿದ್ದರು.
ಮದ್ದೂರಪ್ಪ ಹುಟ್ಟುಹಬ್ಬ ರೋಗಿಗಳಿಗೆ
ಹಣ್ಣು ವಿತರಣೆ
ಆನೇಕಲ್, ಮಾ.7 - ಕಾಂಗ್ರೆಸ್ ಪಕ್ಷದ ಯುವ ನಾಯಕರಾದ ಮದ್ದೂರಪ್ಪ ಅವರ ಹುಟ್ಟುಹಬ್ಬದ ಅಂಗವಾಗಿ ಆನೇಕಲ್ ಸರ್ಕಾರಿ ಆಸ್ಪತ್ರೆಯ ರೋಗಿಗಳಿಗೆ ಹಣ್ಣು ಹಂಪಲು ವಿತರಣೆ ಮಾಡಲಾಯಿತು. ಮದ್ದೂರಪ್ಪ ಅಭಿಮಾನಿಗಳ ಬಳಗ ಆನೇಕಲ್ ಘಟಕ ಸೇರಿದಂತೆ ಹಲವರು ಪಾಲ್ಗೊಂಡಿದ್ದರು.
ಕಾರ್ಯಕ್ರಮದಲ್ಲಿ ಅಂಬೇಡ್ಕರ್ ಜನಪರ ವೇದಿಕೆಯ ರಾಜ್ಯಾಧ್ಯಕ್ಷರಾದ ಜಿ.ಕೆ.ವೆಂಕಟೇಶ್, ಕೆಪಿಸಿಸಿ ಜಿಲ್ಲಾ ಸಂಘಟನಾ ಕಾರ್ಯದರ್ಶಿ ರಾಜ್ ಬಹದ್ದೂರ್, ಗುರು ಪ್ರಸಾದ್ ಹಾಜರಿದ್ದರು.
